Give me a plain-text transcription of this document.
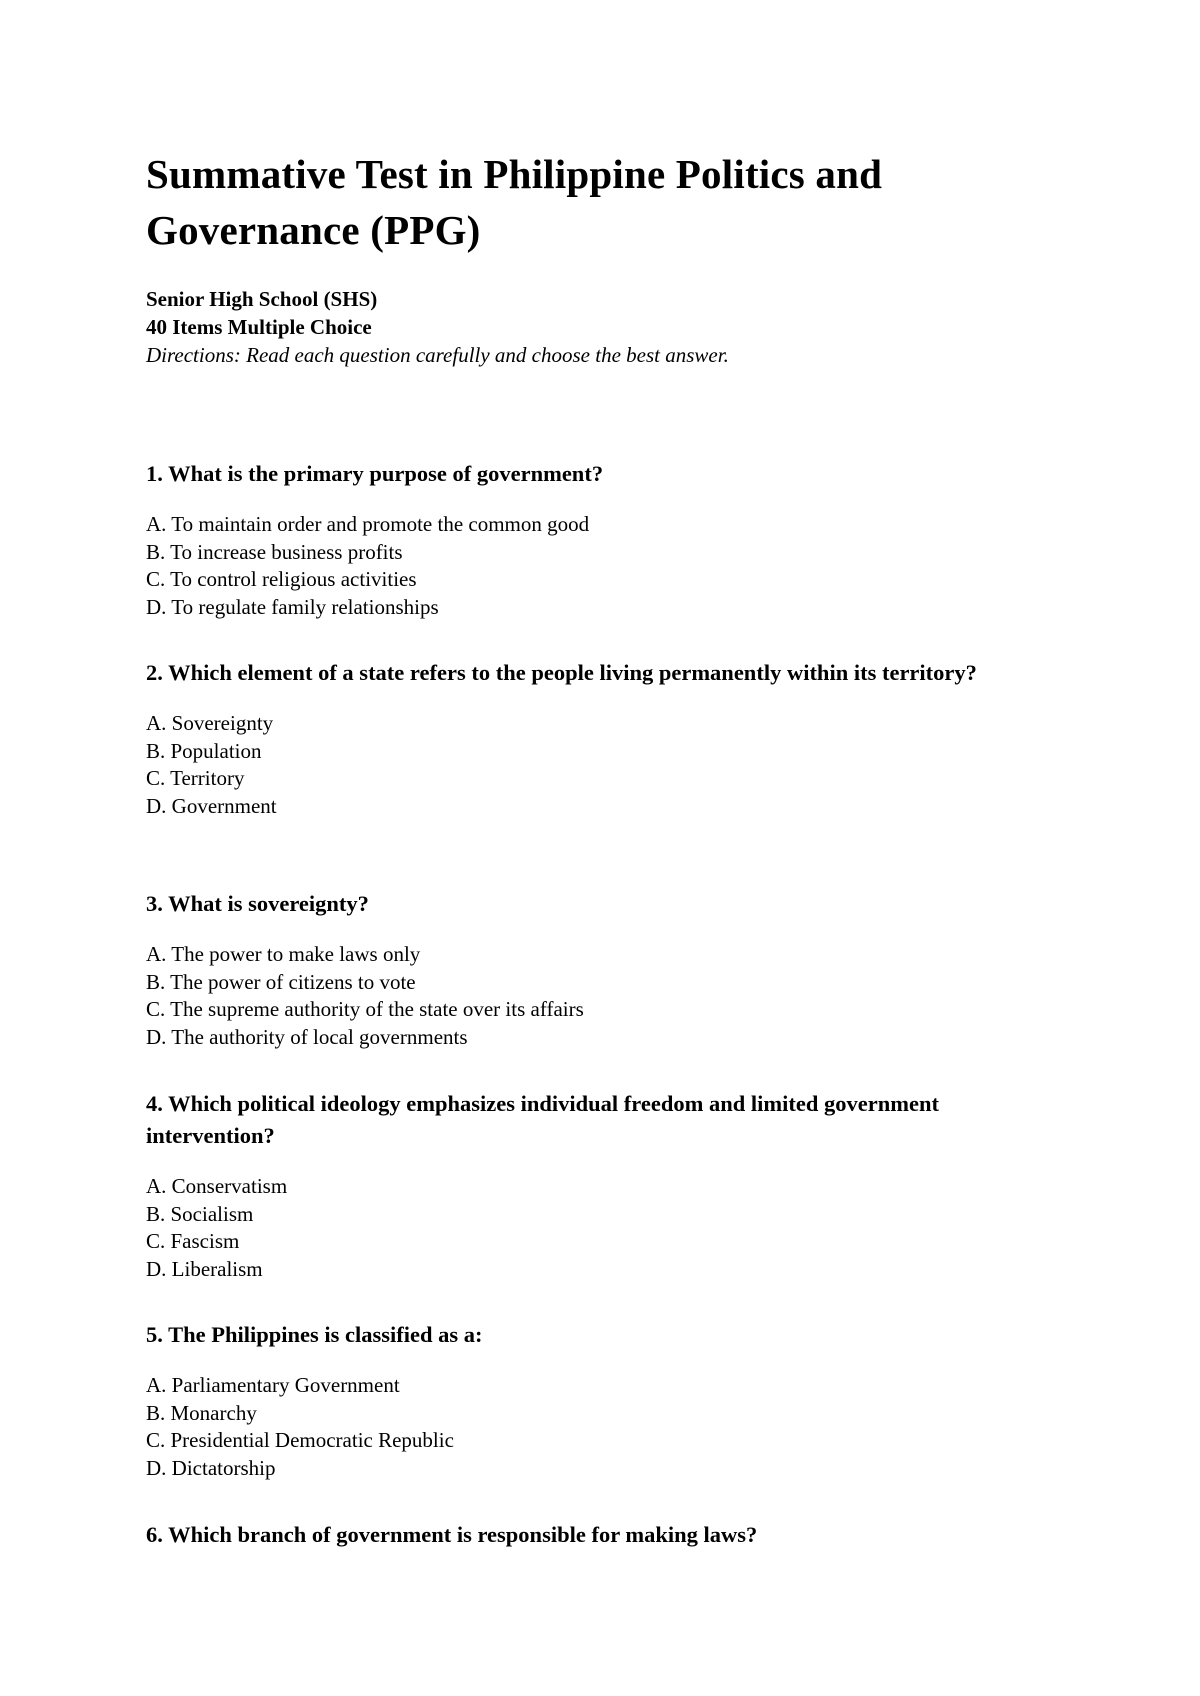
Summative Test in Philippine Politics and Governance (PPG)
Senior High School (SHS)
40 Items Multiple Choice
Directions: Read each question carefully and choose the best answer.

1. What is the primary purpose of government?

A. To maintain order and promote the common good
B. To increase business profits
C. To control religious activities
D. To regulate family relationships

2. Which element of a state refers to the people living permanently within its territory?

A. Sovereignty
B. Population
C. Territory
D. Government

3. What is sovereignty?

A. The power to make laws only
B. The power of citizens to vote
C. The supreme authority of the state over its affairs
D. The authority of local governments

4. Which political ideology emphasizes individual freedom and limited government intervention?

A. Conservatism
B. Socialism
C. Fascism
D. Liberalism

5. The Philippines is classified as a:

A. Parliamentary Government
B. Monarchy
C. Presidential Democratic Republic
D. Dictatorship

6. Which branch of government is responsible for making laws?
